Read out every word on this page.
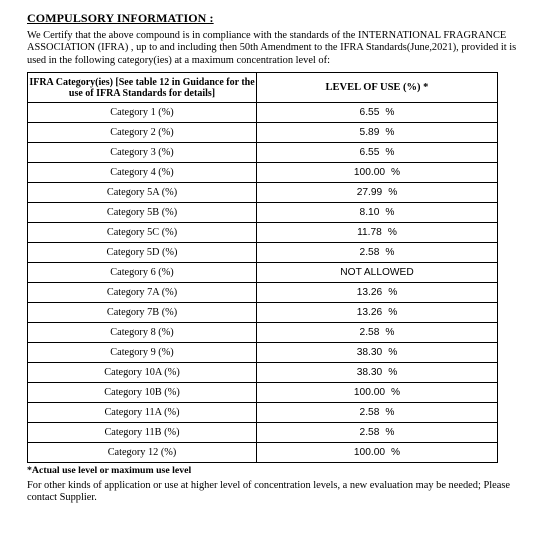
COMPULSORY INFORMATION :
We Certify that the above compound is in compliance with the standards of the INTERNATIONAL FRAGRANCE ASSOCIATION (IFRA) , up to and including then 50th Amendment to the IFRA Standards(June,2021), provided it is used in the following category(ies) at a maximum concentration level of:
IFRA Category(ies) [See table 12 in Guidance for the use of IFRA Standards for details]	LEVEL OF USE (%) *
Category 1 (%)	6.55 %
Category 2 (%)	5.89 %
Category 3 (%)	6.55 %
Category 4 (%)	100.00 %
Category 5A (%)	27.99 %
Category 5B (%)	8.10 %
Category 5C (%)	11.78 %
Category 5D (%)	2.58 %
Category 6 (%)	NOT ALLOWED
Category 7A (%)	13.26 %
Category 7B (%)	13.26 %
Category 8 (%)	2.58 %
Category 9 (%)	38.30 %
Category 10A (%)	38.30 %
Category 10B (%)	100.00 %
Category 11A (%)	2.58 %
Category 11B (%)	2.58 %
Category 12 (%)	100.00 %
*Actual use level or maximum use level
For other kinds of application or use at higher level of concentration levels, a new evaluation may be needed; Please contact Supplier.
